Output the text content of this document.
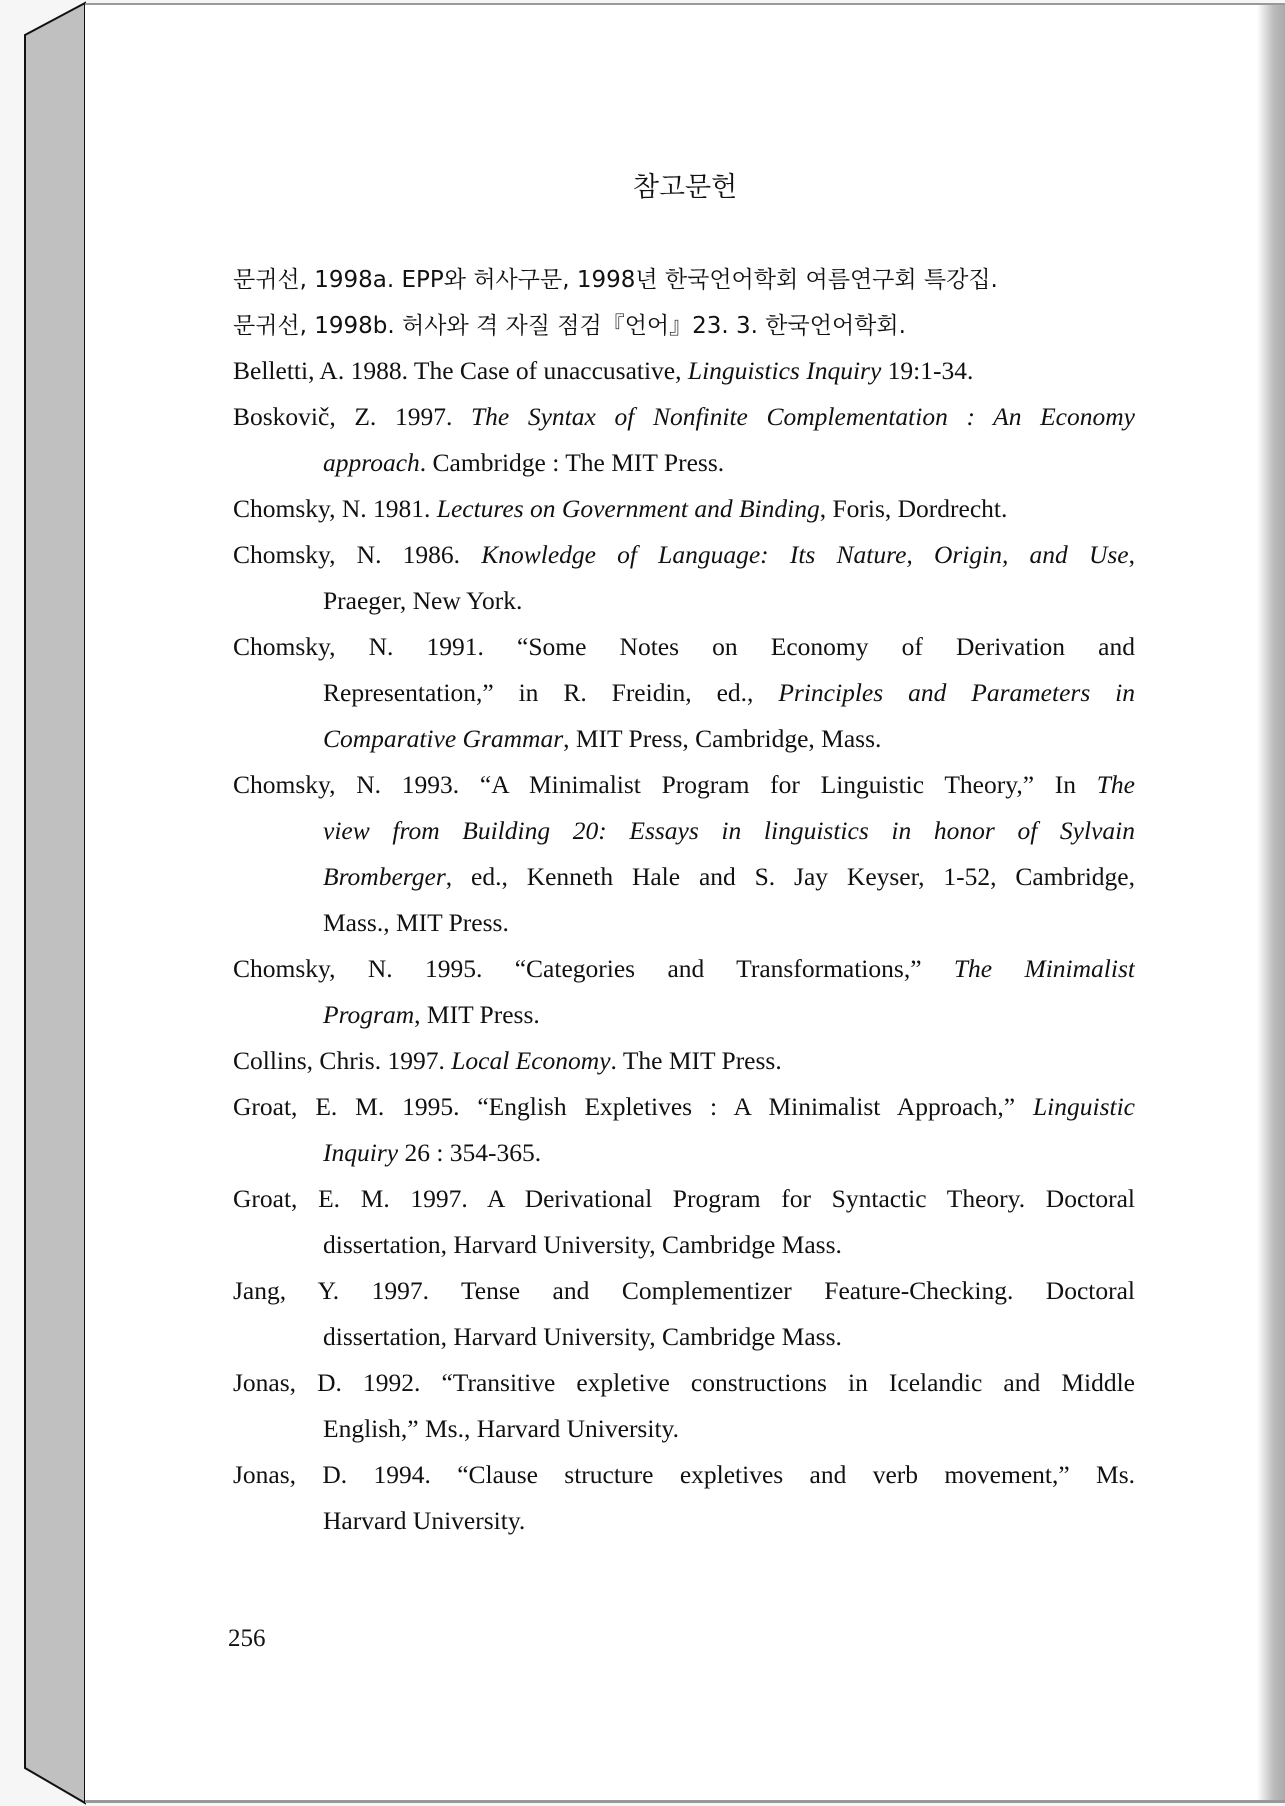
참고문헌
문귀선, 1998a. EPP와 허사구문, 1998년 한국언어학회 여름연구회 특강집.
문귀선, 1998b. 허사와 격 자질 점검『언어』23. 3. 한국언어학회.
Belletti, A. 1988. The Case of unaccusative, Linguistics Inquiry 19:1-34.
Boskovič, Z. 1997. The Syntax of Nonfinite Complementation : An Economy
approach. Cambridge : The MIT Press.
Chomsky, N. 1981. Lectures on Government and Binding, Foris, Dordrecht.
Chomsky, N. 1986. Knowledge of Language: Its Nature, Origin, and Use,
Praeger, New York.
Chomsky, N. 1991. “Some Notes on Economy of Derivation and
Representation,” in R. Freidin, ed., Principles and Parameters in
Comparative Grammar, MIT Press, Cambridge, Mass.
Chomsky, N. 1993. “A Minimalist Program for Linguistic Theory,” In The
view from Building 20: Essays in linguistics in honor of Sylvain
Bromberger, ed., Kenneth Hale and S. Jay Keyser, 1-52, Cambridge,
Mass., MIT Press.
Chomsky, N. 1995. “Categories and Transformations,” The Minimalist
Program, MIT Press.
Collins, Chris. 1997. Local Economy. The MIT Press.
Groat, E. M. 1995. “English Expletives : A Minimalist Approach,” Linguistic
Inquiry 26 : 354-365.
Groat, E. M. 1997. A Derivational Program for Syntactic Theory. Doctoral
dissertation, Harvard University, Cambridge Mass.
Jang, Y. 1997. Tense and Complementizer Feature-Checking. Doctoral
dissertation, Harvard University, Cambridge Mass.
Jonas, D. 1992. “Transitive expletive constructions in Icelandic and Middle
English,” Ms., Harvard University.
Jonas, D. 1994. “Clause structure expletives and verb movement,” Ms.
Harvard University.
256
